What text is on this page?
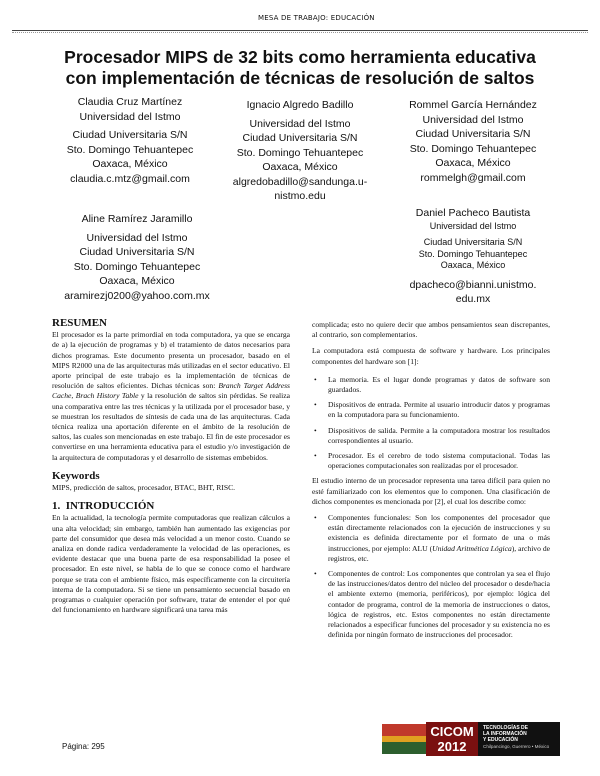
MESA DE TRABAJO: EDUCACIÓN
Procesador MIPS de 32 bits como herramienta educativa
con implementación de técnicas de resolución de saltos
Claudia Cruz Martínez
Universidad del Istmo
Ciudad Universitaria S/N
Sto. Domingo Tehuantepec
Oaxaca, México
claudia.c.mtz@gmail.com
Ignacio Algredo Badillo
Universidad del Istmo
Ciudad Universitaria S/N
Sto. Domingo Tehuantepec
Oaxaca, México
algredobadillo@sandunga.u-
nistmo.edu
Rommel García Hernández
Universidad del Istmo
Ciudad Universitaria S/N
Sto. Domingo Tehuantepec
Oaxaca, México
rommelgh@gmail.com
Aline Ramírez Jaramillo
Universidad del Istmo
Ciudad Universitaria S/N
Sto. Domingo Tehuantepec
Oaxaca, México
aramirezj0200@yahoo.com.mx
Daniel Pacheco Bautista
Universidad del Istmo
Ciudad Universitaria S/N
Sto. Domingo Tehuantepec
Oaxaca, México
dpacheco@bianni.unistmo.
edu.mx
RESUMEN

El procesador es la parte primordial en toda computadora, ya que se encarga de a) la ejecución de programas y b) el tratamiento de datos necesarios para dichos programas. Este documento presenta un procesador, basado en el MIPS R2000 una de las arquitecturas más utilizadas en el sector educativo. El aporte principal de este trabajo es la implementación de técnicas de resolución de saltos eficientes. Dichas técnicas son: Branch Target Address Cache, Brach History Table y la resolución de saltos sin pérdidas. Se realiza una comparativa entre las tres técnicas y la utilizada por el procesador base, y se muestran los resultados de síntesis de cada una de las arquitecturas. Cada técnica realiza una aportación diferente en el ámbito de la resolución de saltos, las cuales son mencionadas en este trabajo. El fin de este procesador es convertirse en una herramienta educativa para el estudio y/o investigación de la arquitectura de computadoras y el desarrollo de sistemas embebidos.

Keywords

MIPS, predicción de saltos, procesador, BTAC, BHT, RISC.

1.  INTRODUCCIÓN

En la actualidad, la tecnología permite computadoras que realizan cálculos a una alta velocidad; sin embargo, también han aumentado las exigencias por parte del consumidor que desea más velocidad a un menor costo. Cuando se analiza en donde radica verdaderamente la velocidad de las operaciones, es evidente destacar que una buena parte de esa responsabilidad la posee el procesador. En este nivel, se habla de lo que se conoce como el hardware porque se trata con el ambiente físico, más específicamente con la circuitería interna de la computadora. Si se tiene un pensamiento secuencial basado en programas o cualquier operación por software, tratar de entender el por qué del funcionamiento en hardware significará una tarea más

complicada; esto no quiere decir que ambos pensamientos sean discrepantes, al contrario, son complementarios.

La computadora está compuesta de software y hardware. Los principales componentes del hardware son [1]:

• La memoria. Es el lugar donde programas y datos de software son guardados.
• Dispositivos de entrada. Permite al usuario introducir datos y programas en la computadora para su funcionamiento.
• Dispositivos de salida. Permite a la computadora mostrar los resultados correspondientes al usuario.
• Procesador. Es el cerebro de todo sistema computacional. Todas las operaciones computacionales son realizadas por el procesador.

El estudio interno de un procesador representa una tarea difícil para quien no esté familiarizado con los elementos que lo componen. Una clasificación de dichos componentes es mencionada por [2], el cual los describe como:

• Componentes funcionales: Son los componentes del procesador que están directamente relacionados con la ejecución de instrucciones y su existencia es definida directamente por el formato de una o más instrucciones, por ejemplo: ALU (Unidad Aritmética Lógica), archivo de registros, etc.
• Componentes de control: Los componentes que controlan ya sea el flujo de las instrucciones/datos dentro del núcleo del procesador o desde/hacia el ambiente externo (memoria, periféricos), por ejemplo: lógica del contador de programa, control de la memoria de instrucciones o datos, lógica de registros, etc. Estos componentes no están directamente relacionados a especificar funciones del procesador y su existencia no es definida por ningún formato de instrucciones del procesador.
Página: 295
CICOM
2012
TECNOLOGÍAS DE
LA INFORMACIÓN
Y EDUCACIÓN
Chilpancingo, Guerrero • México
